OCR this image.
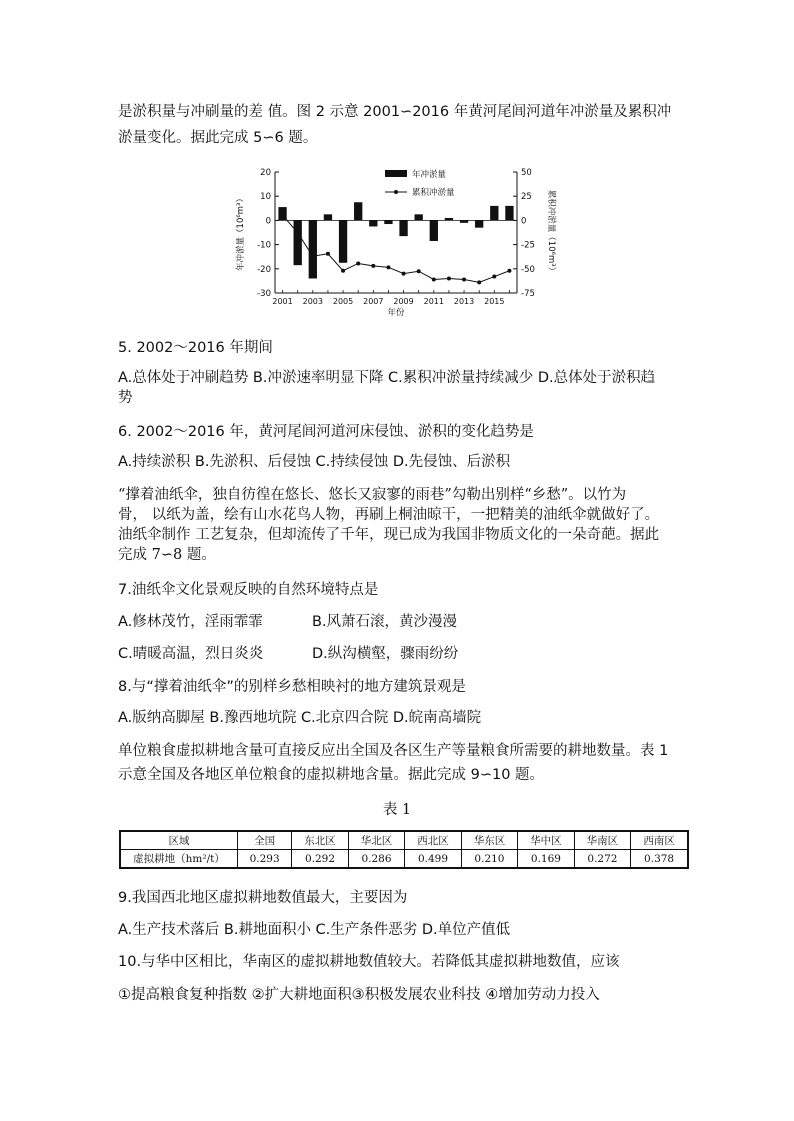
是淤积量与冲刷量的差 值。图 2 示意 2001∽2016 年黄河尾闾河道年冲淤量及累积冲
淤量变化。据此完成 5∽6 题。
20
10
0
-10
-20
-30
50
25
0
-25
-50
-75
2001 2003 2005 2007 2009 2011 2013 2015
年份
年冲淤量（10⁶m³）	累积冲淤量（10⁶m³）
年冲淤量
累积冲淤量
5. 2002～2016 年期间
A.总体处于冲刷趋势 B.冲淤速率明显下降 C.累积冲淤量持续减少 D.总体处于淤积趋
势
6. 2002～2016 年，黄河尾闾河道河床侵蚀、淤积的变化趋势是
A.持续淤积 B.先淤积、后侵蚀 C.持续侵蚀 D.先侵蚀、后淤积
“撑着油纸伞，独自彷徨在悠长、悠长又寂寥的雨巷”勾勒出别样“乡愁”。以竹为
骨， 以纸为盖，绘有山水花鸟人物，再刷上桐油晾干，一把精美的油纸伞就做好了。
油纸伞制作 工艺复杂，但却流传了千年，现已成为我国非物质文化的一朵奇葩。据此
完成 7∽8 题。
7.油纸伞文化景观反映的自然环境特点是
A.修林茂竹，淫雨霏霏	B.风萧石滚，黄沙漫漫
C.晴暖高温，烈日炎炎	D.纵沟横壑，骤雨纷纷
8.与“撑着油纸伞”的别样乡愁相映衬的地方建筑景观是
A.版纳高脚屋 B.豫西地坑院 C.北京四合院 D.皖南高墙院
单位粮食虚拟耕地含量可直接反应出全国及各区生产等量粮食所需要的耕地数量。表 1
示意全国及各地区单位粮食的虚拟耕地含量。据此完成 9∽10 题。
表 1
区域	全国	东北区	华北区	西北区	华东区	华中区	华南区	西南区
虚拟耕地（hm²/t）	0.293	0.292	0.286	0.499	0.210	0.169	0.272	0.378
9.我国西北地区虚拟耕地数值最大，主要因为
A.生产技术落后 B.耕地面积小 C.生产条件恶劣 D.单位产值低
10.与华中区相比，华南区的虚拟耕地数值较大。若降低其虚拟耕地数值，应该
①提高粮食复种指数 ②扩大耕地面积③积极发展农业科技 ④增加劳动力投入
